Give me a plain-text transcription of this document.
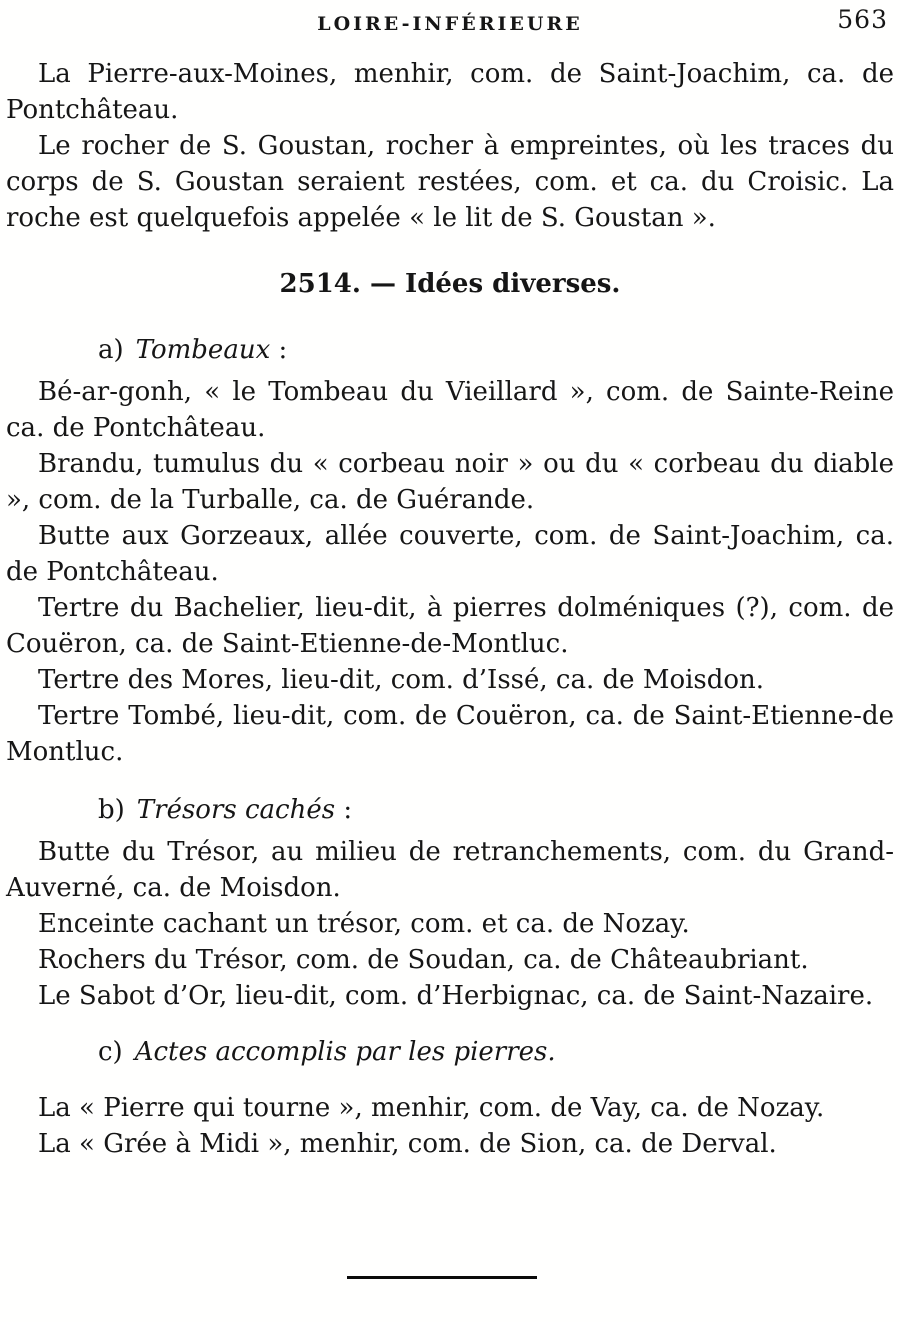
LOIRE-INFÉRIEURE	563

La Pierre-aux-Moines, menhir, com. de Saint-Joachim, ca. de Pontchâteau.

Le rocher de S. Goustan, rocher à empreintes, où les traces du corps de S. Goustan seraient restées, com. et ca. du Croisic. La roche est quelquefois appelée « le lit de S. Goustan ».

2514. — Idées diverses.

a) Tombeaux :

Bé-ar-gonh, « le Tombeau du Vieillard », com. de Sainte-Reine ca. de Pontchâteau.

Brandu, tumulus du « corbeau noir » ou du « corbeau du diable », com. de la Turballe, ca. de Guérande.

Butte aux Gorzeaux, allée couverte, com. de Saint-Joachim, ca. de Pontchâteau.

Tertre du Bachelier, lieu-dit, à pierres dolméniques (?), com. de Couëron, ca. de Saint-Etienne-de-Montluc.

Tertre des Mores, lieu-dit, com. d’Issé, ca. de Moisdon.

Tertre Tombé, lieu-dit, com. de Couëron, ca. de Saint-Etienne-de Montluc.

b) Trésors cachés :

Butte du Trésor, au milieu de retranchements, com. du Grand-Auverné, ca. de Moisdon.

Enceinte cachant un trésor, com. et ca. de Nozay.

Rochers du Trésor, com. de Soudan, ca. de Châteaubriant.

Le Sabot d’Or, lieu-dit, com. d’Herbignac, ca. de Saint-Nazaire.

c) Actes accomplis par les pierres.

La « Pierre qui tourne », menhir, com. de Vay, ca. de Nozay.

La « Grée à Midi », menhir, com. de Sion, ca. de Derval.
